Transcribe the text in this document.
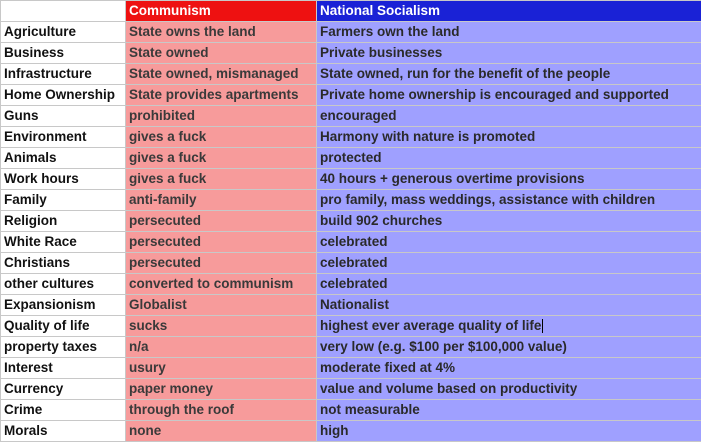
	Communism	National Socialism
Agriculture	State owns the land	Farmers own the land
Business	State owned	Private businesses
Infrastructure	State owned, mismanaged	State owned, run for the benefit of the people
Home Ownership	State provides apartments	Private home ownership is encouraged and supported
Guns	prohibited	encouraged
Environment	gives a fuck	Harmony with nature is promoted
Animals	gives a fuck	protected
Work hours	gives a fuck	40 hours + generous overtime provisions
Family	anti-family	pro family, mass weddings, assistance with children
Religion	persecuted	build 902 churches
White Race	persecuted	celebrated
Christians	persecuted	celebrated
other cultures	converted to communism	celebrated
Expansionism	Globalist	Nationalist
Quality of life	sucks	highest ever average quality of life
property taxes	n/a	very low (e.g. $100 per $100,000 value)
Interest	usury	moderate fixed at 4%
Currency	paper money	value and volume based on productivity
Crime	through the roof	not measurable
Morals	none	high
